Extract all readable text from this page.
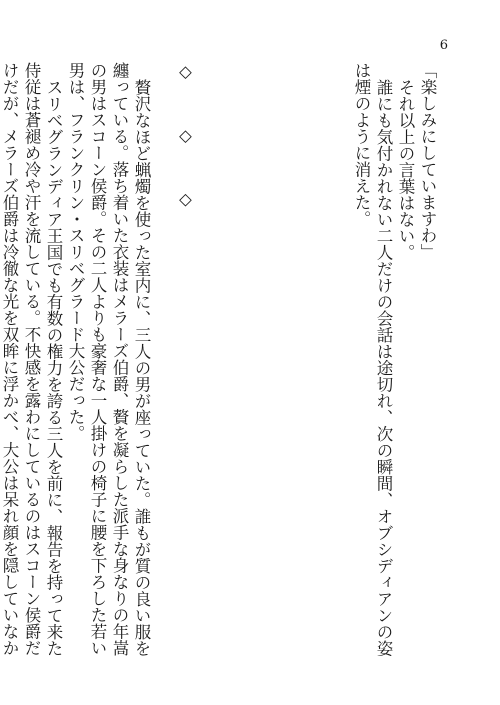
6

「楽しみにしていますわ」

それ以上の言葉はない。

誰にも気付かれない二人だけの会話は途切れ、次の瞬間、オブシディアンの姿は煙のように消えた。

◇ ◇ ◇

贅沢なほど蝋燭を使った室内に、三人の男が座っていた。誰もが質の良い服を纏っている。落ち着いた衣装はメラーズ伯爵、贅を凝らした派手な身なりの年嵩の男はスコーン侯爵。その二人よりも豪奢な一人掛けの椅子に腰を下ろした若い男は、フランクリン・スリベグラード大公だった。

スリベグランディア王国でも有数の権力を誇る三人を前に、報告を持って来た侍従は蒼褪め冷や汗を流している。不快感を露わにしているのはスコーン侯爵だけだが、メラーズ伯爵は冷徹な光を双眸に浮かべ、大公は呆れ顔を隠していなか
